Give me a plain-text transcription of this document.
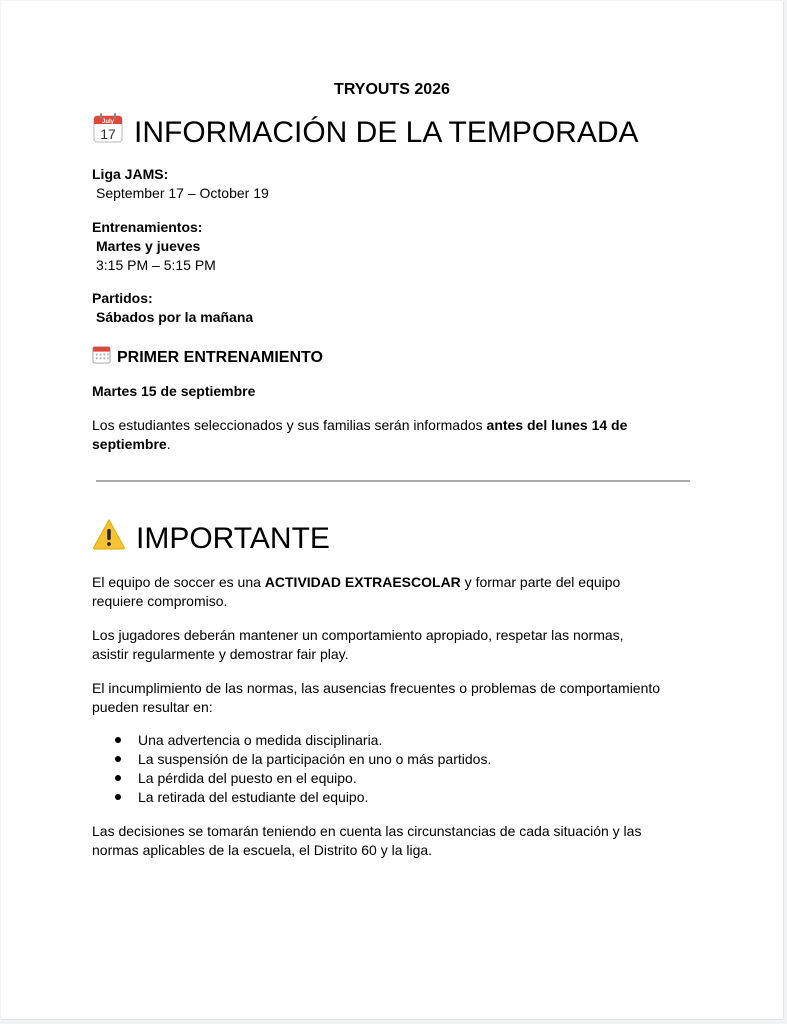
TRYOUTS 2026
July
17 INFORMACIÓN DE LA TEMPORADA
Liga JAMS:
September 17 – October 19
Entrenamientos:
Martes y jueves
3:15 PM – 5:15 PM
Partidos:
Sábados por la mañana
PRIMER ENTRENAMIENTO
Martes 15 de septiembre
Los estudiantes seleccionados y sus familias serán informados antes del lunes 14 de septiembre.
IMPORTANTE
El equipo de soccer es una ACTIVIDAD EXTRAESCOLAR y formar parte del equipo requiere compromiso.
Los jugadores deberán mantener un comportamiento apropiado, respetar las normas, asistir regularmente y demostrar fair play.
El incumplimiento de las normas, las ausencias frecuentes o problemas de comportamiento pueden resultar en:
Una advertencia o medida disciplinaria.
La suspensión de la participación en uno o más partidos.
La pérdida del puesto en el equipo.
La retirada del estudiante del equipo.
Las decisiones se tomarán teniendo en cuenta las circunstancias de cada situación y las normas aplicables de la escuela, el Distrito 60 y la liga.
